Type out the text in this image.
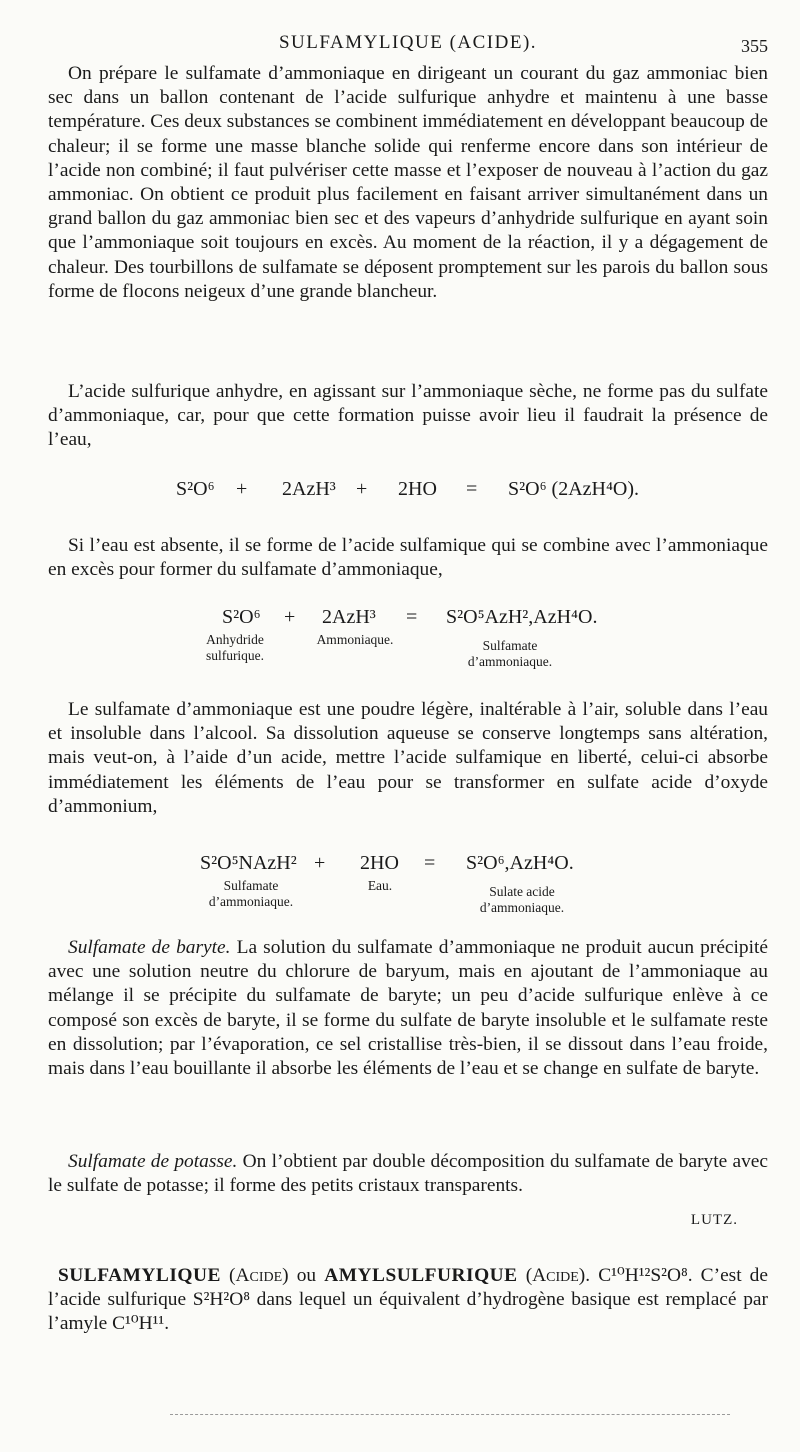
SULFAMYLIQUE (ACIDE).	355

On prépare le sulfamate d’ammoniaque en dirigeant un courant du gaz ammoniac bien sec dans un ballon contenant de l’acide sulfurique anhydre et maintenu à une basse température. Ces deux substances se combinent immédiatement en développant beaucoup de chaleur; il se forme une masse blanche solide qui renferme encore dans son intérieur de l’acide non combiné; il faut pulvériser cette masse et l’exposer de nouveau à l’action du gaz ammoniac. On obtient ce produit plus facilement en faisant arriver simultanément dans un grand ballon du gaz ammoniac bien sec et des vapeurs d’anhydride sulfurique en ayant soin que l’ammoniaque soit toujours en excès. Au moment de la réaction, il y a dégagement de chaleur. Des tourbillons de sulfamate se déposent promptement sur les parois du ballon sous forme de flocons neigeux d’une grande blancheur.

L’acide sulfurique anhydre, en agissant sur l’ammoniaque sèche, ne forme pas du sulfate d’ammoniaque, car, pour que cette formation puisse avoir lieu il faudrait la présence de l’eau,

S²O⁶ + 2AzH³ + 2HO = S²O⁶ (2AzH⁴O).

Si l’eau est absente, il se forme de l’acide sulfamique qui se combine avec l’ammoniaque en excès pour former du sulfamate d’ammoniaque,

S²O⁶ + 2AzH³ = S²O⁵AzH²,AzH⁴O.
Anhydride
sulfurique.
Ammoniaque.	Sulfamate
d’ammoniaque.

Le sulfamate d’ammoniaque est une poudre légère, inaltérable à l’air, soluble dans l’eau et insoluble dans l’alcool. Sa dissolution aqueuse se conserve longtemps sans altération, mais veut-on, à l’aide d’un acide, mettre l’acide sulfamique en liberté, celui-ci absorbe immédiatement les éléments de l’eau pour se transformer en sulfate acide d’oxyde d’ammonium,

S²O⁵NAzH² + 2HO = S²O⁶,AzH⁴O.
Sulfamate
d’ammoniaque.
Eau.	Sulate acide
d’ammoniaque.

Sulfamate de baryte. La solution du sulfamate d’ammoniaque ne produit aucun précipité avec une solution neutre du chlorure de baryum, mais en ajoutant de l’ammoniaque au mélange il se précipite du sulfamate de baryte; un peu d’acide sulfurique enlève à ce composé son excès de baryte, il se forme du sulfate de baryte insoluble et le sulfamate reste en dissolution; par l’évaporation, ce sel cristallise très-bien, il se dissout dans l’eau froide, mais dans l’eau bouillante il absorbe les éléments de l’eau et se change en sulfate de baryte.

Sulfamate de potasse. On l’obtient par double décomposition du sulfamate de baryte avec le sulfate de potasse; il forme des petits cristaux transparents.

LUTZ.

SULFAMYLIQUE (Acide) ou AMYLSULFURIQUE (Acide). C¹⁰H¹²S²O⁸. C’est de l’acide sulfurique S²H²O⁸ dans lequel un équivalent d’hydrogène basique est remplacé par l’amyle C¹⁰H¹¹.
